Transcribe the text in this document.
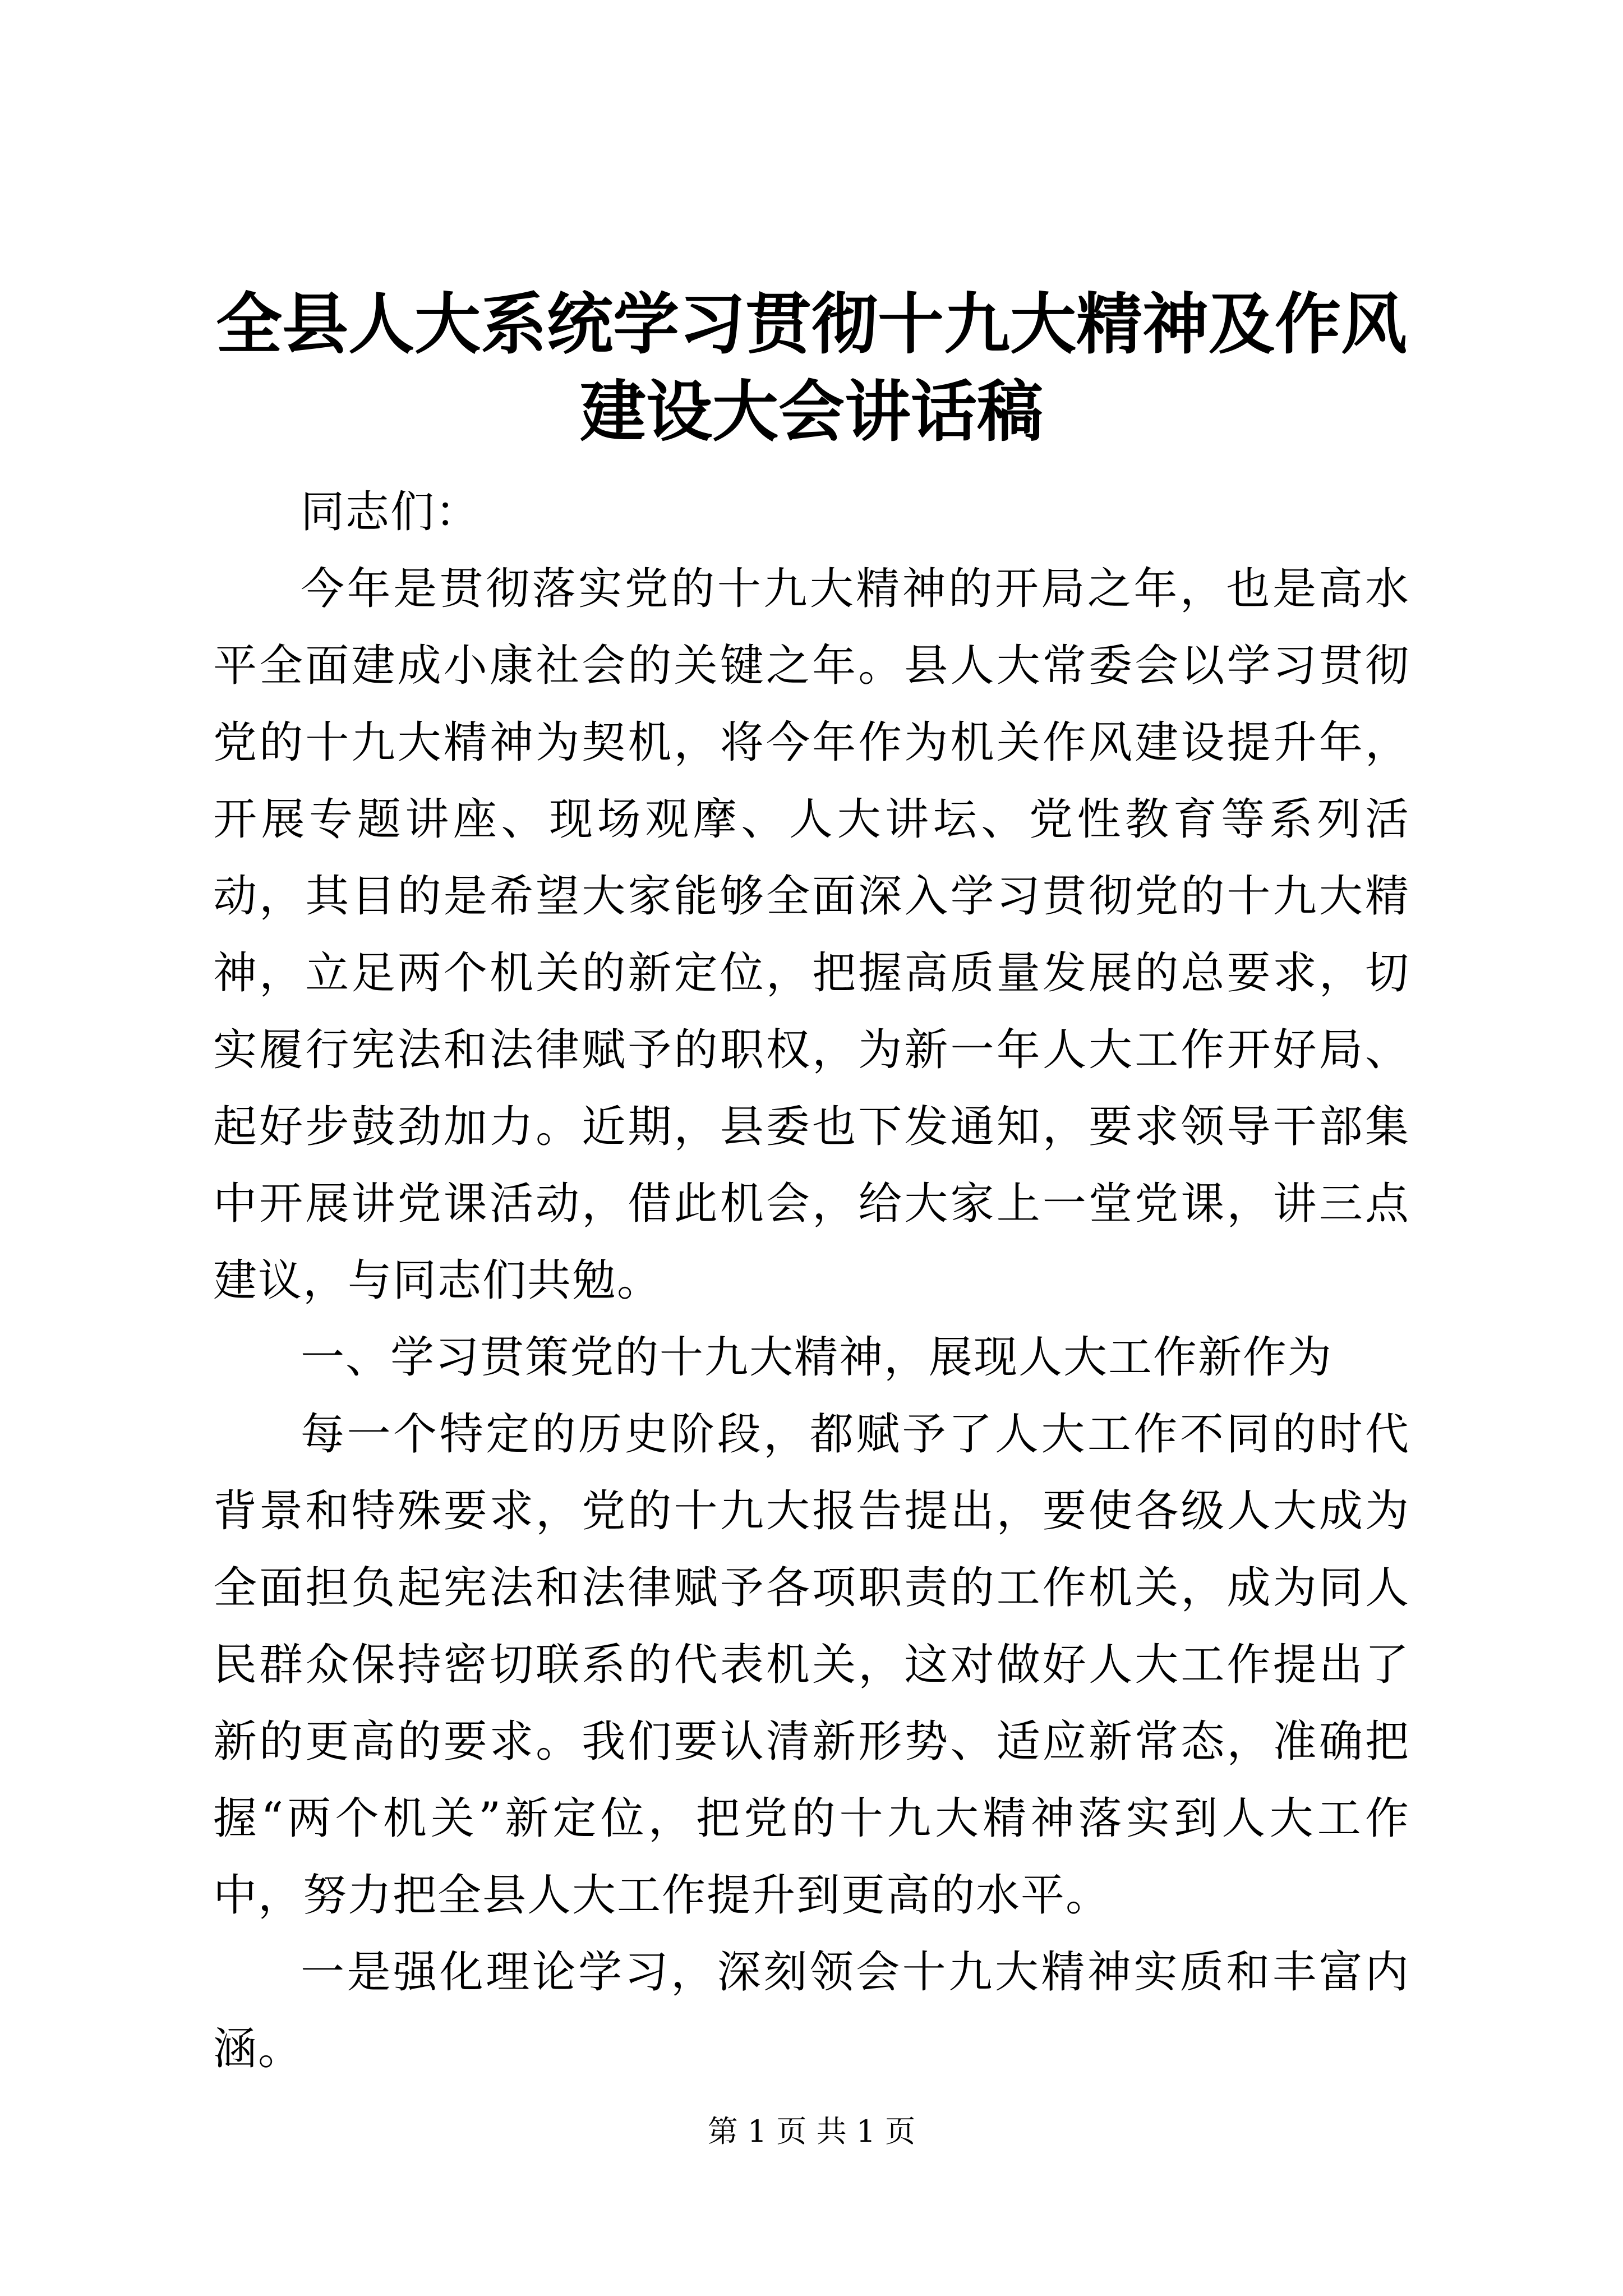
全县人大系统学习贯彻十九大精神及作风建设大会讲话稿

同志们：

今年是贯彻落实党的十九大精神的开局之年，也是高水平全面建成小康社会的关键之年。县人大常委会以学习贯彻党的十九大精神为契机，将今年作为机关作风建设提升年，开展专题讲座、现场观摩、人大讲坛、党性教育等系列活动，其目的是希望大家能够全面深入学习贯彻党的十九大精神，立足两个机关的新定位，把握高质量发展的总要求，切实履行宪法和法律赋予的职权，为新一年人大工作开好局、起好步鼓劲加力。近期，县委也下发通知，要求领导干部集中开展讲党课活动，借此机会，给大家上一堂党课，讲三点建议，与同志们共勉。

一、学习贯策党的十九大精神，展现人大工作新作为

每一个特定的历史阶段，都赋予了人大工作不同的时代背景和特殊要求，党的十九大报告提出，要使各级人大成为全面担负起宪法和法律赋予各项职责的工作机关，成为同人民群众保持密切联系的代表机关，这对做好人大工作提出了新的更高的要求。我们要认清新形势、适应新常态，准确把握“两个机关”新定位，把党的十九大精神落实到人大工作中，努力把全县人大工作提升到更高的水平。

一是强化理论学习，深刻领会十九大精神实质和丰富内涵。

第 1 页 共 1 页
